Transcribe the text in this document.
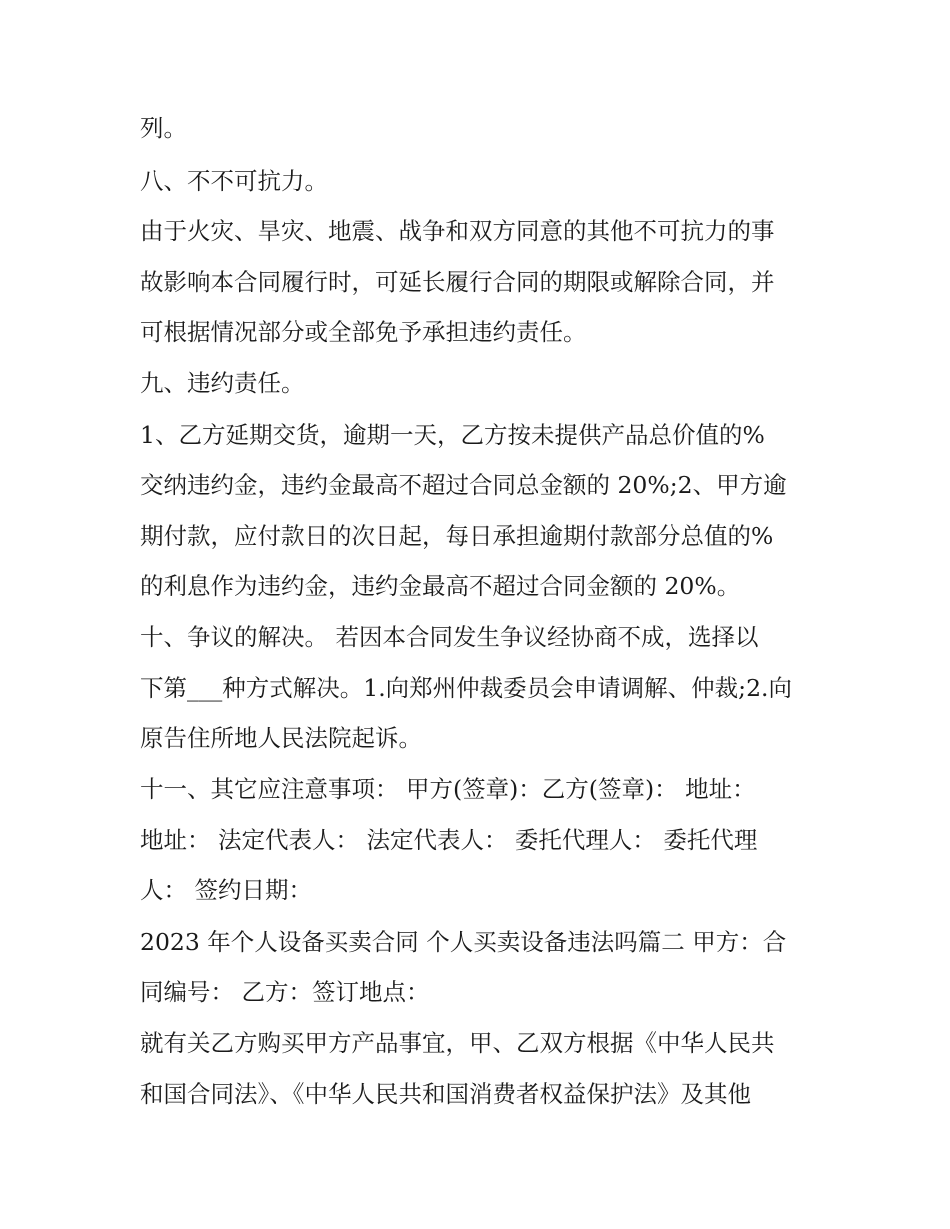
列。
八、不不可抗力。
由于火灾、旱灾、地震、战争和双方同意的其他不可抗力的事
故影响本合同履行时，可延长履行合同的期限或解除合同，并
可根据情况部分或全部免予承担违约责任。
九、违约责任。
1、乙方延期交货，逾期一天，乙方按未提供产品总价值的%
交纳违约金，违约金最高不超过合同总金额的 20%;2、甲方逾
期付款，应付款日的次日起，每日承担逾期付款部分总值的%
的利息作为违约金，违约金最高不超过合同金额的 20%。
十、争议的解决。 若因本合同发生争议经协商不成，选择以
下第___种方式解决。1.向郑州仲裁委员会申请调解、仲裁;2.向
原告住所地人民法院起诉。
十一、其它应注意事项： 甲方(签章)：乙方(签章)： 地址：
地址： 法定代表人： 法定代表人： 委托代理人： 委托代理
人： 签约日期：
2023 年个人设备买卖合同 个人买卖设备违法吗篇二 甲方：合
同编号： 乙方：签订地点：
就有关乙方购买甲方产品事宜，甲、乙双方根据《中华人民共
和国合同法》、《中华人民共和国消费者权益保护法》及其他
